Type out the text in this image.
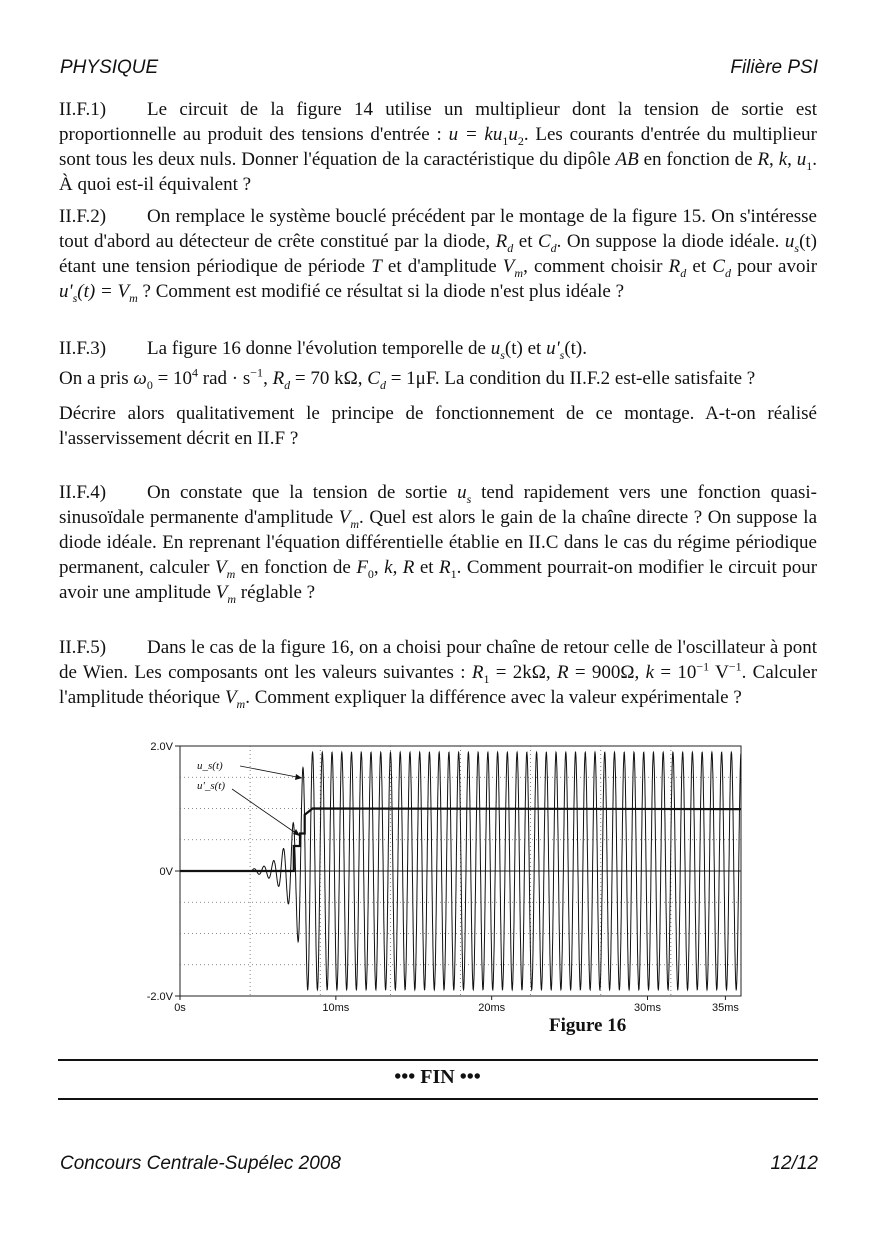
PHYSIQUE	Filière PSI

II.F.1) Le circuit de la figure 14 utilise un multiplieur dont la tension de sortie est proportionnelle au produit des tensions d'entrée : $u = ku_1u_2$. Les courants d'entrée du multiplieur sont tous les deux nuls. Donner l'équation de la caractéristique du dipôle AB en fonction de R, k, $u_1$. À quoi est-il équivalent ?

II.F.2) On remplace le système bouclé précédent par le montage de la figure 15. On s'intéresse tout d'abord au détecteur de crête constitué par la diode, $R_d$ et $C_d$. On suppose la diode idéale. $u_s(t)$ étant une tension périodique de période T et d'amplitude $V_m$, comment choisir $R_d$ et $C_d$ pour avoir $u'_s(t) = V_m$ ? Comment est modifié ce résultat si la diode n'est plus idéale ?

II.F.3) La figure 16 donne l'évolution temporelle de $u_s(t)$ et $u'_s(t)$.

On a pris $\omega_0 = 10^4$ rad · $s^{-1}$, $R_d = 70$ kΩ, $C_d = 1\mu F$. La condition du II.F.2 est-elle satisfaite ?

Décrire alors qualitativement le principe de fonctionnement de ce montage. A-t-on réalisé l'asservissement décrit en II.F ?

II.F.4) On constate que la tension de sortie $u_s$ tend rapidement vers une fonction quasi-sinusoïdale permanente d'amplitude $V_m$. Quel est alors le gain de la chaîne directe ? On suppose la diode idéale. En reprenant l'équation différentielle établie en II.C dans le cas du régime périodique permanent, calculer $V_m$ en fonction de $F_0$, k, R et $R_1$. Comment pourrait-on modifier le circuit pour avoir une amplitude $V_m$ réglable ?

II.F.5) Dans le cas de la figure 16, on a choisi pour chaîne de retour celle de l'oscillateur à pont de Wien. Les composants ont les valeurs suivantes : $R_1 = 2k\Omega$, R = 900Ω, $k = 10^{-1}$ $V^{-1}$. Calculer l'amplitude théorique $V_m$. Comment expliquer la différence avec la valeur expérimentale ?

-2.0V
0V
2.0V
0s	10ms	20ms	30ms	35ms
u_s(t)
u'_s(t)
Figure 16
••• FIN •••
Concours Centrale-Supélec 2008	12/12
